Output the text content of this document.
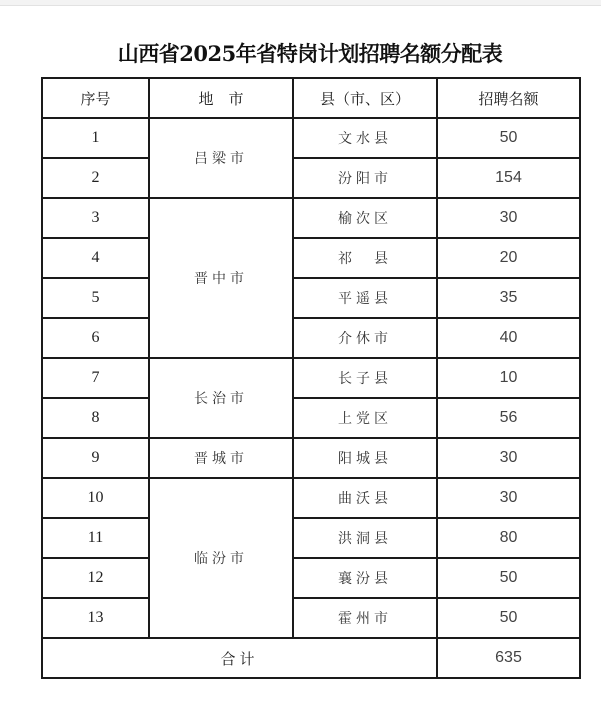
山西省2025年省特岗计划招聘名额分配表
序号	地　市	县（市、区）	招聘名额
1	吕梁市	文水县	50
2		汾阳市	154
3	晋中市	榆次区	30
4		祁　县	20
5		平遥县	35
6		介休市	40
7	长治市	长子县	10
8		上党区	56
9	晋城市	阳城县	30
10	临汾市	曲沃县	30
11		洪洞县	80
12		襄汾县	50
13		霍州市	50
合计			635
